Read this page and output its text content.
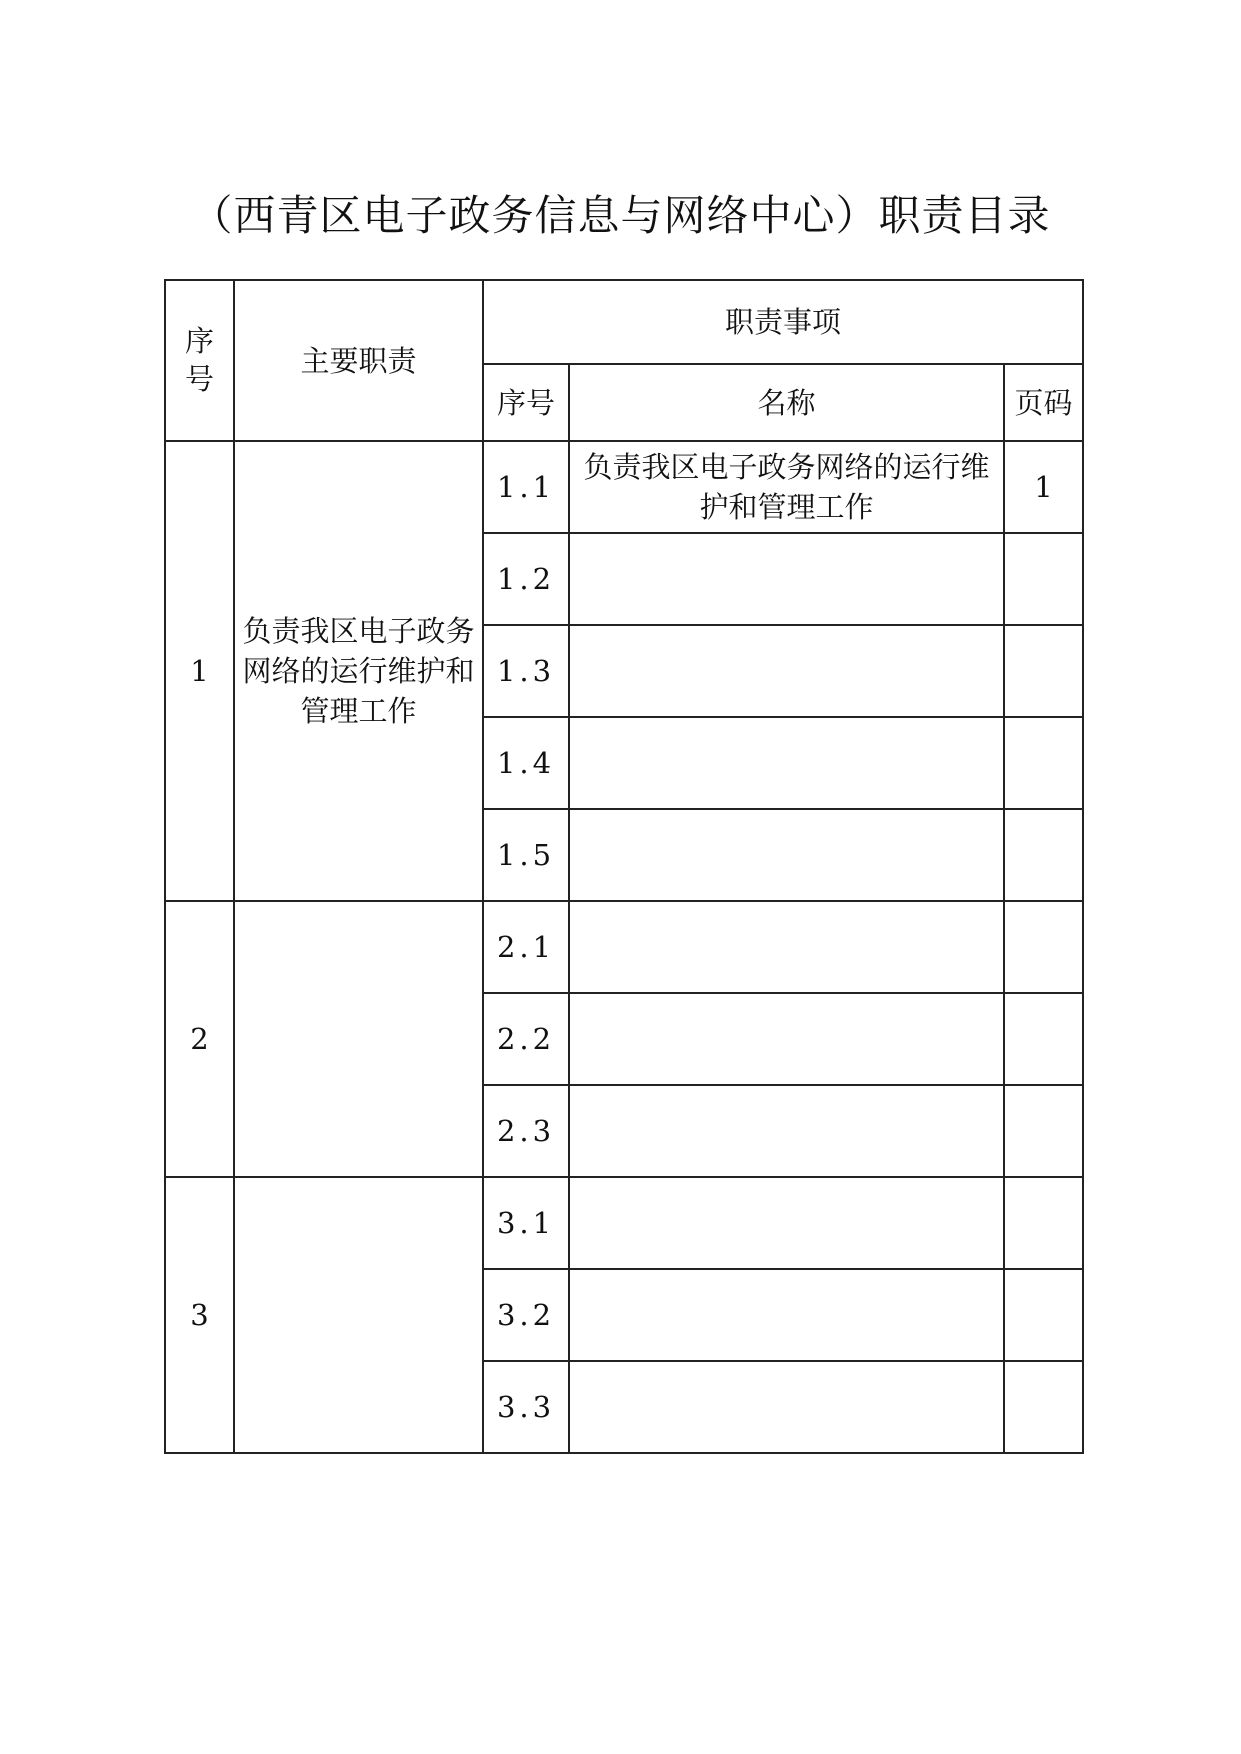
（西青区电子政务信息与网络中心）职责目录
序号	主要职责	职责事项		
		序号	名称	页码
1	负责我区电子政务网络的运行维护和管理工作	1.1	负责我区电子政务网络的运行维护和管理工作	1
		1.2		
		1.3		
		1.4		
		1.5		
2		2.1		
		2.2		
		2.3		
3		3.1		
		3.2		
		3.3		
